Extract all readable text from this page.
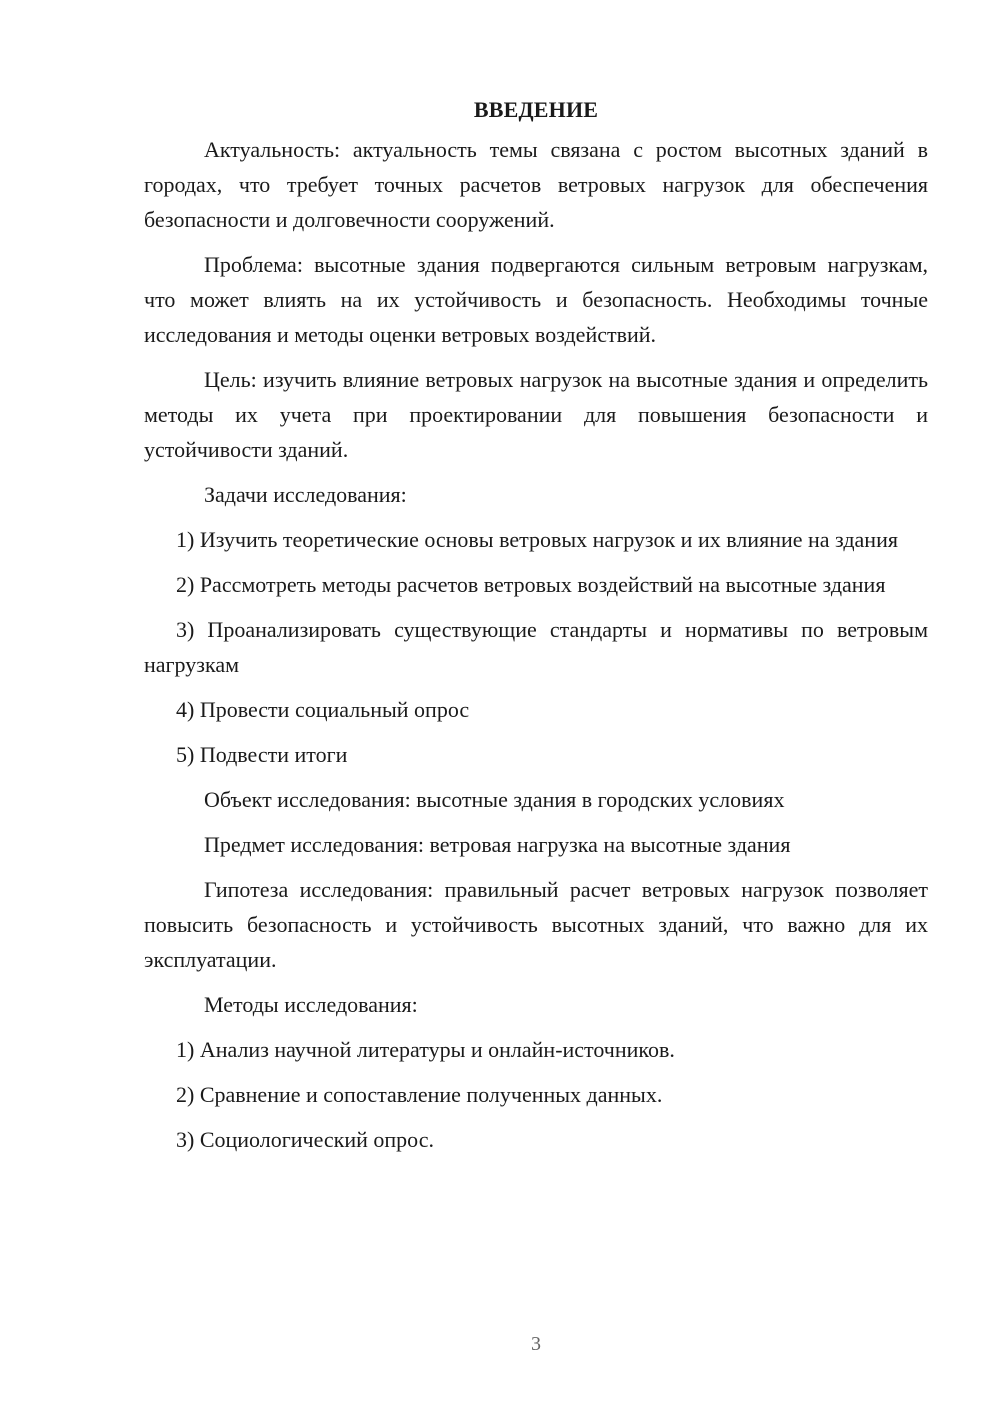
ВВЕДЕНИЕ

Актуальность: актуальность темы связана с ростом высотных зданий в городах, что требует точных расчетов ветровых нагрузок для обеспечения безопасности и долговечности сооружений.

Проблема: высотные здания подвергаются сильным ветровым нагрузкам, что может влиять на их устойчивость и безопасность. Необходимы точные исследования и методы оценки ветровых воздействий.

Цель: изучить влияние ветровых нагрузок на высотные здания и определить методы их учета при проектировании для повышения безопасности и устойчивости зданий.

Задачи исследования:

1) Изучить теоретические основы ветровых нагрузок и их влияние на здания

2) Рассмотреть методы расчетов ветровых воздействий на высотные здания

3) Проанализировать существующие стандарты и нормативы по ветровым нагрузкам

4) Провести социальный опрос

5) Подвести итоги

Объект исследования: высотные здания в городских условиях

Предмет исследования: ветровая нагрузка на высотные здания

Гипотеза исследования: правильный расчет ветровых нагрузок позволяет повысить безопасность и устойчивость высотных зданий, что важно для их эксплуатации.

Методы исследования:

1) Анализ научной литературы и онлайн-источников.

2) Сравнение и сопоставление полученных данных.

3) Социологический опрос.

3
